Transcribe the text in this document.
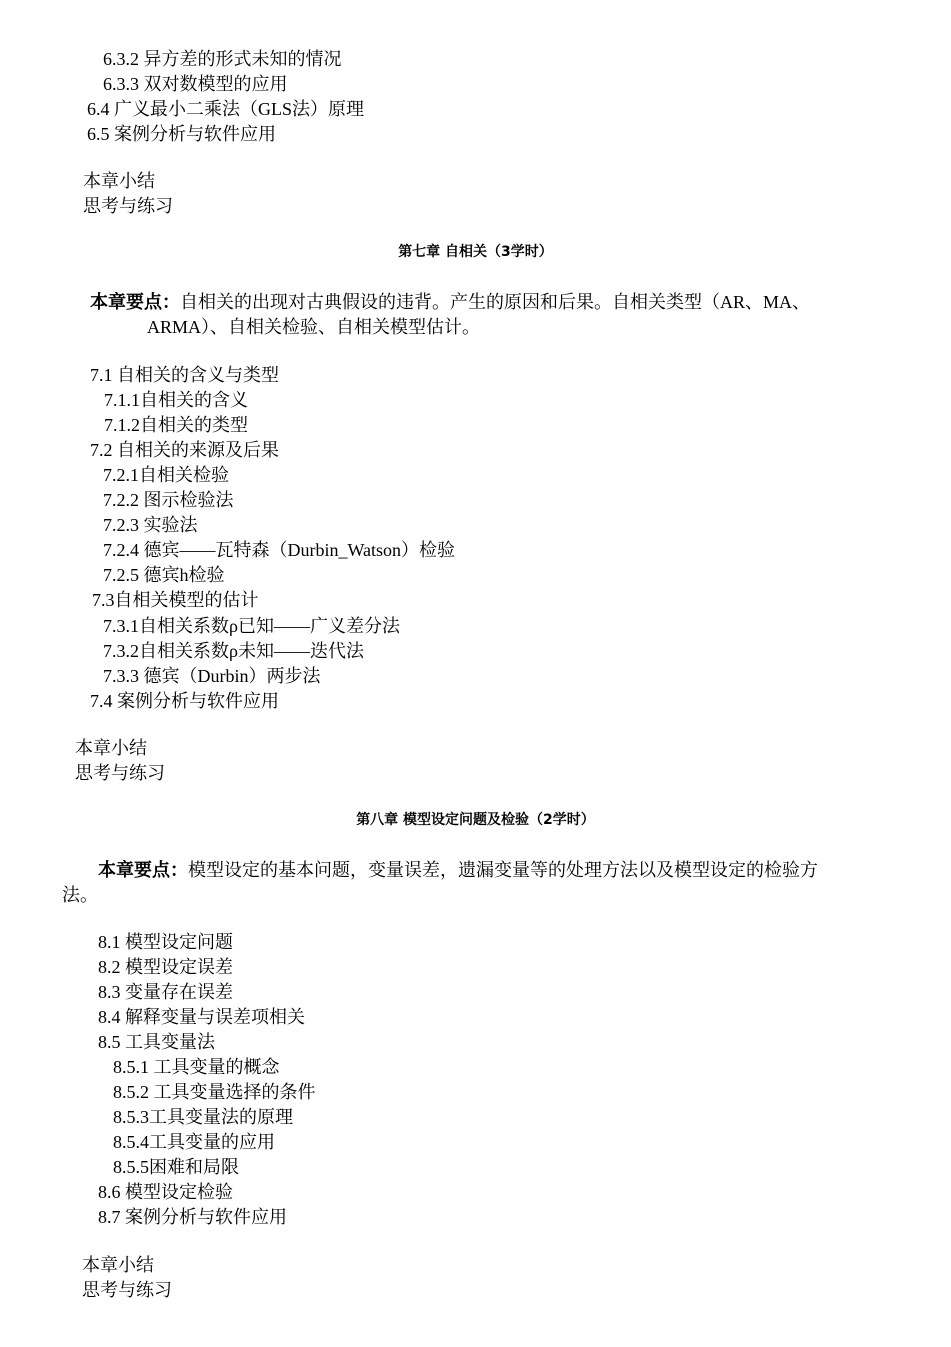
6.3.2 异方差的形式未知的情况
6.3.3 双对数模型的应用
6.4 广义最小二乘法（GLS法）原理
6.5 案例分析与软件应用
本章小结
思考与练习
第七章 自相关（3学时）
本章要点：自相关的出现对古典假设的违背。产生的原因和后果。自相关类型（AR、MA、
ARMA）、自相关检验、自相关模型估计。
7.1 自相关的含义与类型
7.1.1自相关的含义
7.1.2自相关的类型
7.2 自相关的来源及后果
7.2.1自相关检验
7.2.2 图示检验法
7.2.3 实验法
7.2.4 德宾——瓦特森（Durbin_Watson）检验
7.2.5 德宾h检验
7.3自相关模型的估计
7.3.1自相关系数ρ已知——广义差分法
7.3.2自相关系数ρ未知——迭代法
7.3.3 德宾（Durbin）两步法
7.4 案例分析与软件应用
本章小结
思考与练习
第八章 模型设定问题及检验（2学时）
本章要点：模型设定的基本问题，变量误差，遗漏变量等的处理方法以及模型设定的检验方
法。
8.1 模型设定问题
8.2 模型设定误差
8.3 变量存在误差
8.4 解释变量与误差项相关
8.5 工具变量法
8.5.1 工具变量的概念
8.5.2 工具变量选择的条件
8.5.3工具变量法的原理
8.5.4工具变量的应用
8.5.5困难和局限
8.6 模型设定检验
8.7 案例分析与软件应用
本章小结
思考与练习
